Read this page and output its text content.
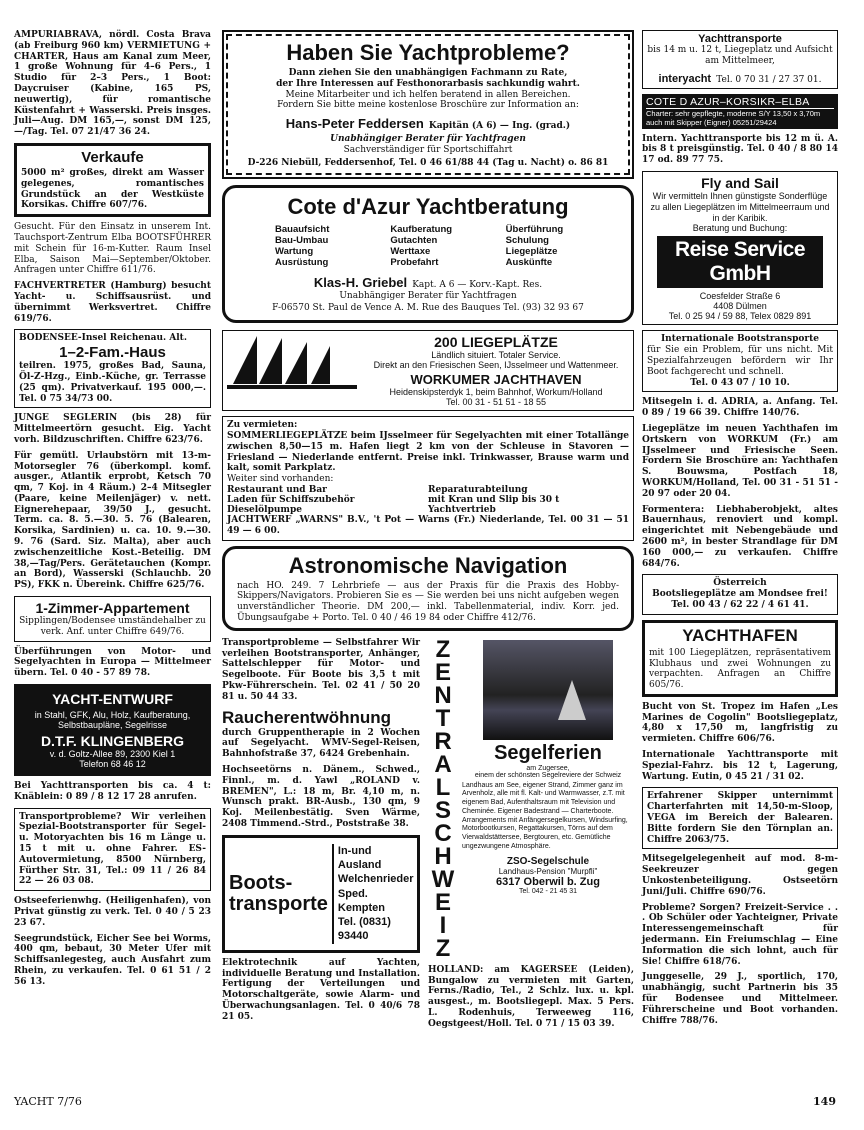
AMPURIABRAVA, nördl. Costa Brava (ab Freiburg 960 km) VERMIETUNG + CHARTER, Haus am Kanal zum Meer, 1 große Wohnung für 4–6 Pers., 1 Studio für 2–3 Pers., 1 Boot: Daycruiser (Kabine, 165 PS, neuwertig), für romantische Küstenfahrt + Wasserski. Preis insges. Juli—Aug. DM 165,—, sonst DM 125,—/Tag. Tel. 07 21/47 36 24.

Verkaufe

5000 m² großes, direkt am Wasser gelegenes, romantisches Grundstück an der Westküste Korsikas. Chiffre 607/76.

Gesucht. Für den Einsatz in unserem Int. Tauchsport-Zentrum Elba BOOTSFÜHRER mit Schein für 16-m-Kutter. Raum Insel Elba, Saison Mai—September/Oktober. Anfragen unter Chiffre 611/76.

FACHVERTRETER (Hamburg) besucht Yacht- u. Schiffsausrüst. und übernimmt Werksvertret. Chiffre 619/76.

BODENSEE-Insel Reichenau. Alt.

1–2-Fam.-Haus

teilren. 1975, großes Bad, Sauna, Öl-Z-Hzg., Einb.-Küche, gr. Terrasse (25 qm). Privatverkauf. 195 000,—. Tel. 0 75 34/73 00.

JUNGE SEGLERIN (bis 28) für Mittelmeertörn gesucht. Eig. Yacht vorh. Bildzuschriften. Chiffre 623/76.

Für gemütl. Urlaubstörn mit 13-m-Motorsegler 76 (überkompl. komf. ausger., Atlantik erprobt, Ketsch 70 qm, 7 Koj. in 4 Räum.) 2–4 Mitsegler (Paare, keine Meilenjäger) v. nett. Eignerehepaar, 39/50 J., gesucht. Term. ca. 8. 5.—30. 5. 76 (Balearen, Korsika, Sardinien) u. ca. 10. 9.—30. 9. 76 (Sard. Siz. Malta), aber auch zwischenzeitliche Kost.-Beteilig. DM 38,—Tag/Pers. Gerätetauchen (Kompr. an Bord), Wasserski (Schlauchb. 20 PS), FKK n. Übereink. Chiffre 625/76.

1-Zimmer-Appartement

Sipplingen/Bodensee umständehalber zu verk. Anf. unter Chiffre 649/76.

Überführungen von Motor- und Segelyachten in Europa — Mittelmeer übern. Tel. 0 40 - 57 89 78.

YACHT-ENTWURF
in Stahl, GFK, Alu, Holz, Kaufberatung, Selbstbaupläne, Segelrisse
D.T.F. KLINGENBERG
v. d. Goltz-Allee 89, 2300 Kiel 1
Telefon 68 46 12

Bei Yachttransporten bis ca. 4 t: Knäblein: 0 89 / 8 12 17 28 anrufen.

Transportprobleme? Wir verleihen Spezial-Bootstransporter für Segel- u. Motoryachten bis 16 m Länge u. 15 t mit u. ohne Fahrer. ES-Autovermietung, 8500 Nürnberg, Fürther Str. 31, Tel.: 09 11 / 26 84 22 — 26 03 08.

Ostseeferienwhg. (Heiligenhafen), von Privat günstig zu verk. Tel. 0 40 / 5 23 23 67.

Seegrundstück, Eicher See bei Worms, 400 qm, bebaut, 30 Meter Ufer mit Schiffsanlegesteg, auch Ausfahrt zum Rhein, zu verkaufen. Tel. 0 61 51 / 2 56 13.

Haben Sie Yachtprobleme?
Dann ziehen Sie den unabhängigen Fachmann zu Rate,
der Ihre Interessen auf Festhonorarbasis sachkundig wahrt.
Meine Mitarbeiter und ich helfen beratend in allen Bereichen.
Fordern Sie bitte meine kostenlose Broschüre zur Information an:
Hans-Peter Feddersen Kapitän (A 6) — Ing. (grad.)
Unabhängiger Berater für Yachtfragen
Sachverständiger für Sportschiffahrt
D-226 Niebüll, Feddersenhof, Tel. 0 46 61/88 44 (Tag u. Nacht) o. 86 81
Cote d'Azur Yachtberatung
Bauaufsicht	Kaufberatung	Überführung
Bau-Umbau	Gutachten	Schulung
Wartung	Werttaxe	Liegeplätze
Ausrüstung	Probefahrt	Auskünfte
Klas-H. Griebel Kapt. A 6 — Korv.-Kapt. Res.
Unabhängiger Berater für Yachtfragen
F-06570 St. Paul de Vence A. M. Rue des Bauques Tel. (93) 32 93 67
200 LIEGEPLÄTZE
Ländlich situiert. Totaler Service.
Direkt an den Friesischen Seen, IJsselmeer und Wattenmeer.
WORKUMER JACHTHAVEN
Heidenskipsterdyk 1, beim Bahnhof, Workum/Holland
Tel. 00 31 - 51 51 - 18 55
Zu vermieten:

SOMMERLIEGEPLÄTZE beim IJsselmeer für Segelyachten mit einer Totallänge zwischen 8,50—15 m. Hafen liegt 2 km von der Schleuse in Stavoren — Friesland — Niederlande entfernt. Preise inkl. Trinkwasser, Brause warm und kalt, somit Parkplatz.

Weiter sind vorhanden:
Restaurant und Bar	Reparaturabteilung
Laden für Schiffszubehör	mit Kran und Slip bis 30 t
Dieselölpumpe	Yachtvertrieb

JACHTWERF „WARNS" B.V., 't Pot — Warns (Fr.) Niederlande, Tel. 00 31 — 51 49 — 6 00.

Astronomische Navigation

nach HO. 249. 7 Lehrbriefe — aus der Praxis für die Praxis des Hobby-Skippers/Navigators. Probieren Sie es — Sie werden bei uns nicht aufgeben wegen unverständlicher Theorie. DM 200,— inkl. Tabellenmaterial, indiv. Korr. jed. Übungsaufgabe + Porto. Tel. 0 40 / 46 19 84 oder Chiffre 412/76.

Transportprobleme — Selbstfahrer Wir verleihen Bootstransporter, Anhänger, Sattelschlepper für Motor- und Segelboote. Für Boote bis 3,5 t mit Pkw-Führerschein. Tel. 02 41 / 50 20 81 u. 50 44 33.

Raucherentwöhnung

durch Gruppentherapie in 2 Wochen auf Segelyacht. WMV-Segel-Reisen, Bahnhofstraße 37, 6424 Grebenhain.

Hochseetörns n. Dänem., Schwed., Finnl., m. d. Yawl „ROLAND v. BREMEN", L.: 18 m, Br. 4,10 m, n. Wunsch prakt. BR-Ausb., 130 qm, 9 Koj. Meilenbestätig. Sven Wärme, 2408 Timmend.-Strd., Poststraße 38.

Boots-
transporte
In-und Ausland
Welchenrieder
Sped. Kempten
Tel. (0831) 93440

Elektrotechnik auf Yachten, individuelle Beratung und Installation. Fertigung der Verteilungen und Motorschaltgeräte, sowie Alarm- und Überwachungsanlagen. Tel. 0 40/6 78 21 05.

Z
E
N
T
R
A
L
S
C
H
W
E
I
Z
Segelferien
am Zugersee,
einem der schönsten Segelreviere der Schweiz

Landhaus am See, eigener Strand, Zimmer ganz im Arvenholz, alle mit fl. Kalt- und Warmwasser, z.T. mit eigenem Bad, Aufenthaltsraum mit Television und Cheminée. Eigener Badestrand — Charterboote. Arrangements mit Anfängersegelkursen, Windsurfing, Motorbootkursen, Regattakursen, Törns auf dem Vierwaldstättersee, Bergtouren, etc. Gemütliche ungezwungene Atmosphäre.

ZSO-Segelschule
Landhaus-Pension "Murpfli"
6317 Oberwil b. Zug
Tel. 042 - 21 45 31

HOLLAND: am KAGERSEE (Leiden), Bungalow zu vermieten mit Garten, Ferns./Radio, Tel., 2 Schlz. lux. u. kpl. ausgest., m. Bootsliegepl. Max. 5 Pers. L. Rodenhuis, Terweeweg 116, Oegstgeest/Holl. Tel. 0 71 / 15 03 39.

Yachttransporte
bis 14 m u. 12 t, Liegeplatz und Aufsicht am Mittelmeer,
interyacht Tel. 0 70 31 / 27 37 01.
COTE D AZUR–KORSIKR–ELBA
Charter: sehr gepflegte, moderne S/Y 13,50 x 3,70m auch mit Skipper (Eigner) 05251/29424

Intern. Yachttransporte bis 12 m ü. A. bis 8 t preisgünstig. Tel. 0 40 / 8 80 14 17 od. 89 77 75.

Fly and Sail
Wir vermitteln Ihnen günstigste Sonderflüge zu allen Liegeplätzen im Mittelmeerraum und in der Karibik.
Beratung und Buchung:
Reise Service GmbH
Coesfelder Straße 6
4408 Dülmen
Tel. 0 25 94 / 59 88, Telex 0829 891
Internationale Bootstransporte
für Sie ein Problem, für uns nicht. Mit Spezialfahrzeugen befördern wir Ihr Boot fachgerecht und schnell.
Tel. 0 43 07 / 10 10.

Mitsegeln i. d. ADRIA, a. Anfang. Tel. 0 89 / 19 66 39. Chiffre 140/76.

Liegeplätze im neuen Yachthafen im Ortskern von WORKUM (Fr.) am IJsselmeer und Friesische Seen. Fordern Sie Broschüre an: Yachthafen S. Bouwsma, Postfach 18, WORKUM/Holland, Tel. 00 31 - 51 51 - 20 97 oder 20 04.

Formentera: Liebhaberobjekt, altes Bauernhaus, renoviert und kompl. eingerichtet mit Nebengebäude und 2600 m², in bester Strandlage für DM 160 000,— zu verkaufen. Chiffre 684/76.

Österreich
Bootsliegeplätze am Mondsee frei! Tel. 00 43 / 62 22 / 4 61 41.
YACHTHAFEN

mit 100 Liegeplätzen, repräsentativem Klubhaus und zwei Wohnungen zu verpachten. Anfragen an Chiffre 605/76.

Bucht von St. Tropez im Hafen „Les Marines de Cogolin" Bootsliegeplatz, 4,80 x 17,50 m, langfristig zu vermieten. Chiffre 606/76.

Internationale Yachttransporte mit Spezial-Fahrz. bis 12 t, Lagerung, Wartung. Eutin, 0 45 21 / 31 02.

Erfahrener Skipper unternimmt Charterfahrten mit 14,50-m-Sloop, VEGA im Bereich der Balearen. Bitte fordern Sie den Törnplan an. Chiffre 2063/75.

Mitsegelgelegenheit auf mod. 8-m-Seekreuzer gegen Unkostenbeteiligung. Ostseetörn Juni/Juli. Chiffre 690/76.

Probleme? Sorgen? Freizeit-Service . . . Ob Schüler oder Yachteigner, Private Interessengemeinschaft für jedermann. Ein Freiumschlag — Eine Information die sich lohnt, auch für Sie! Chiffre 618/76.

Junggeselle, 29 J., sportlich, 170, unabhängig, sucht Partnerin bis 35 für Bodensee und Mittelmeer. Führerscheine und Boot vorhanden. Chiffre 788/76.

YACHT 7/76	149
